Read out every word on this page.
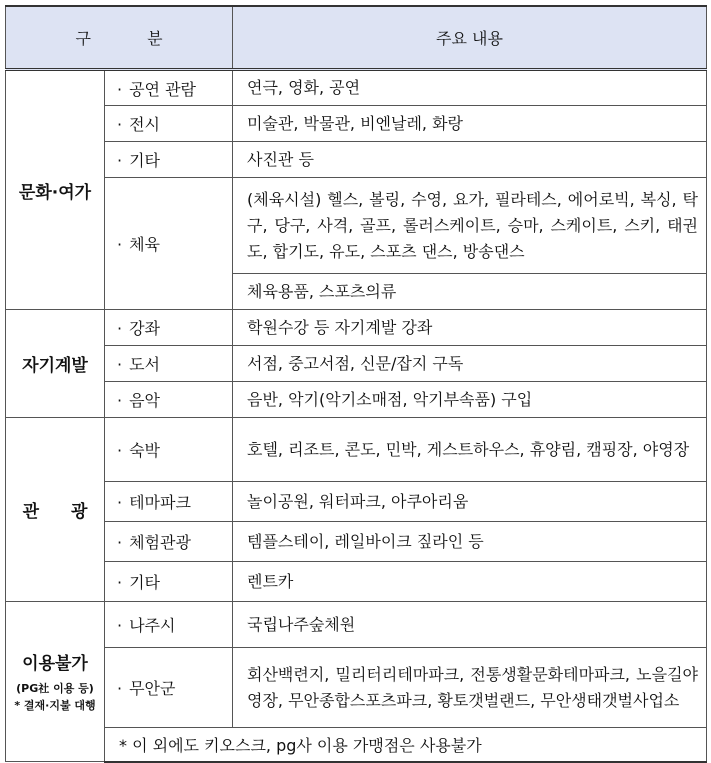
구 분		주요 내용
문화·여가	· 공연 관람	연극, 영화, 공연
	· 전시	미술관, 박물관, 비엔날레, 화랑
	· 기타	사진관 등
	· 체육	(체육시설) 헬스, 볼링, 수영, 요가, 필라테스, 에어로빅, 복싱, 탁구, 당구, 사격, 골프, 롤러스케이트, 승마, 스케이트, 스키, 태권도, 합기도, 유도, 스포츠 댄스, 방송댄스
		체육용품, 스포츠의류
자기계발	· 강좌	학원수강 등 자기계발 강좌
	· 도서	서점, 중고서점, 신문/잡지 구독
	· 음악	음반, 악기(악기소매점, 악기부속품) 구입
관 광	· 숙박	호텔, 리조트, 콘도, 민박, 게스트하우스, 휴양림, 캠핑장, 야영장
	· 테마파크	놀이공원, 워터파크, 아쿠아리움
	· 체험관광	템플스테이, 레일바이크 짚라인 등
	· 기타	렌트카
이용불가
(PG社 이용 등)
* 결재·지불 대행	· 나주시	국립나주숲체원
	· 무안군	회산백련지, 밀리터리테마파크, 전통생활문화테마파크, 노을길야영장, 무안종합스포츠파크, 황토갯벌랜드, 무안생태갯벌사업소
	* 이 외에도 키오스크, pg사 이용 가맹점은 사용불가	
